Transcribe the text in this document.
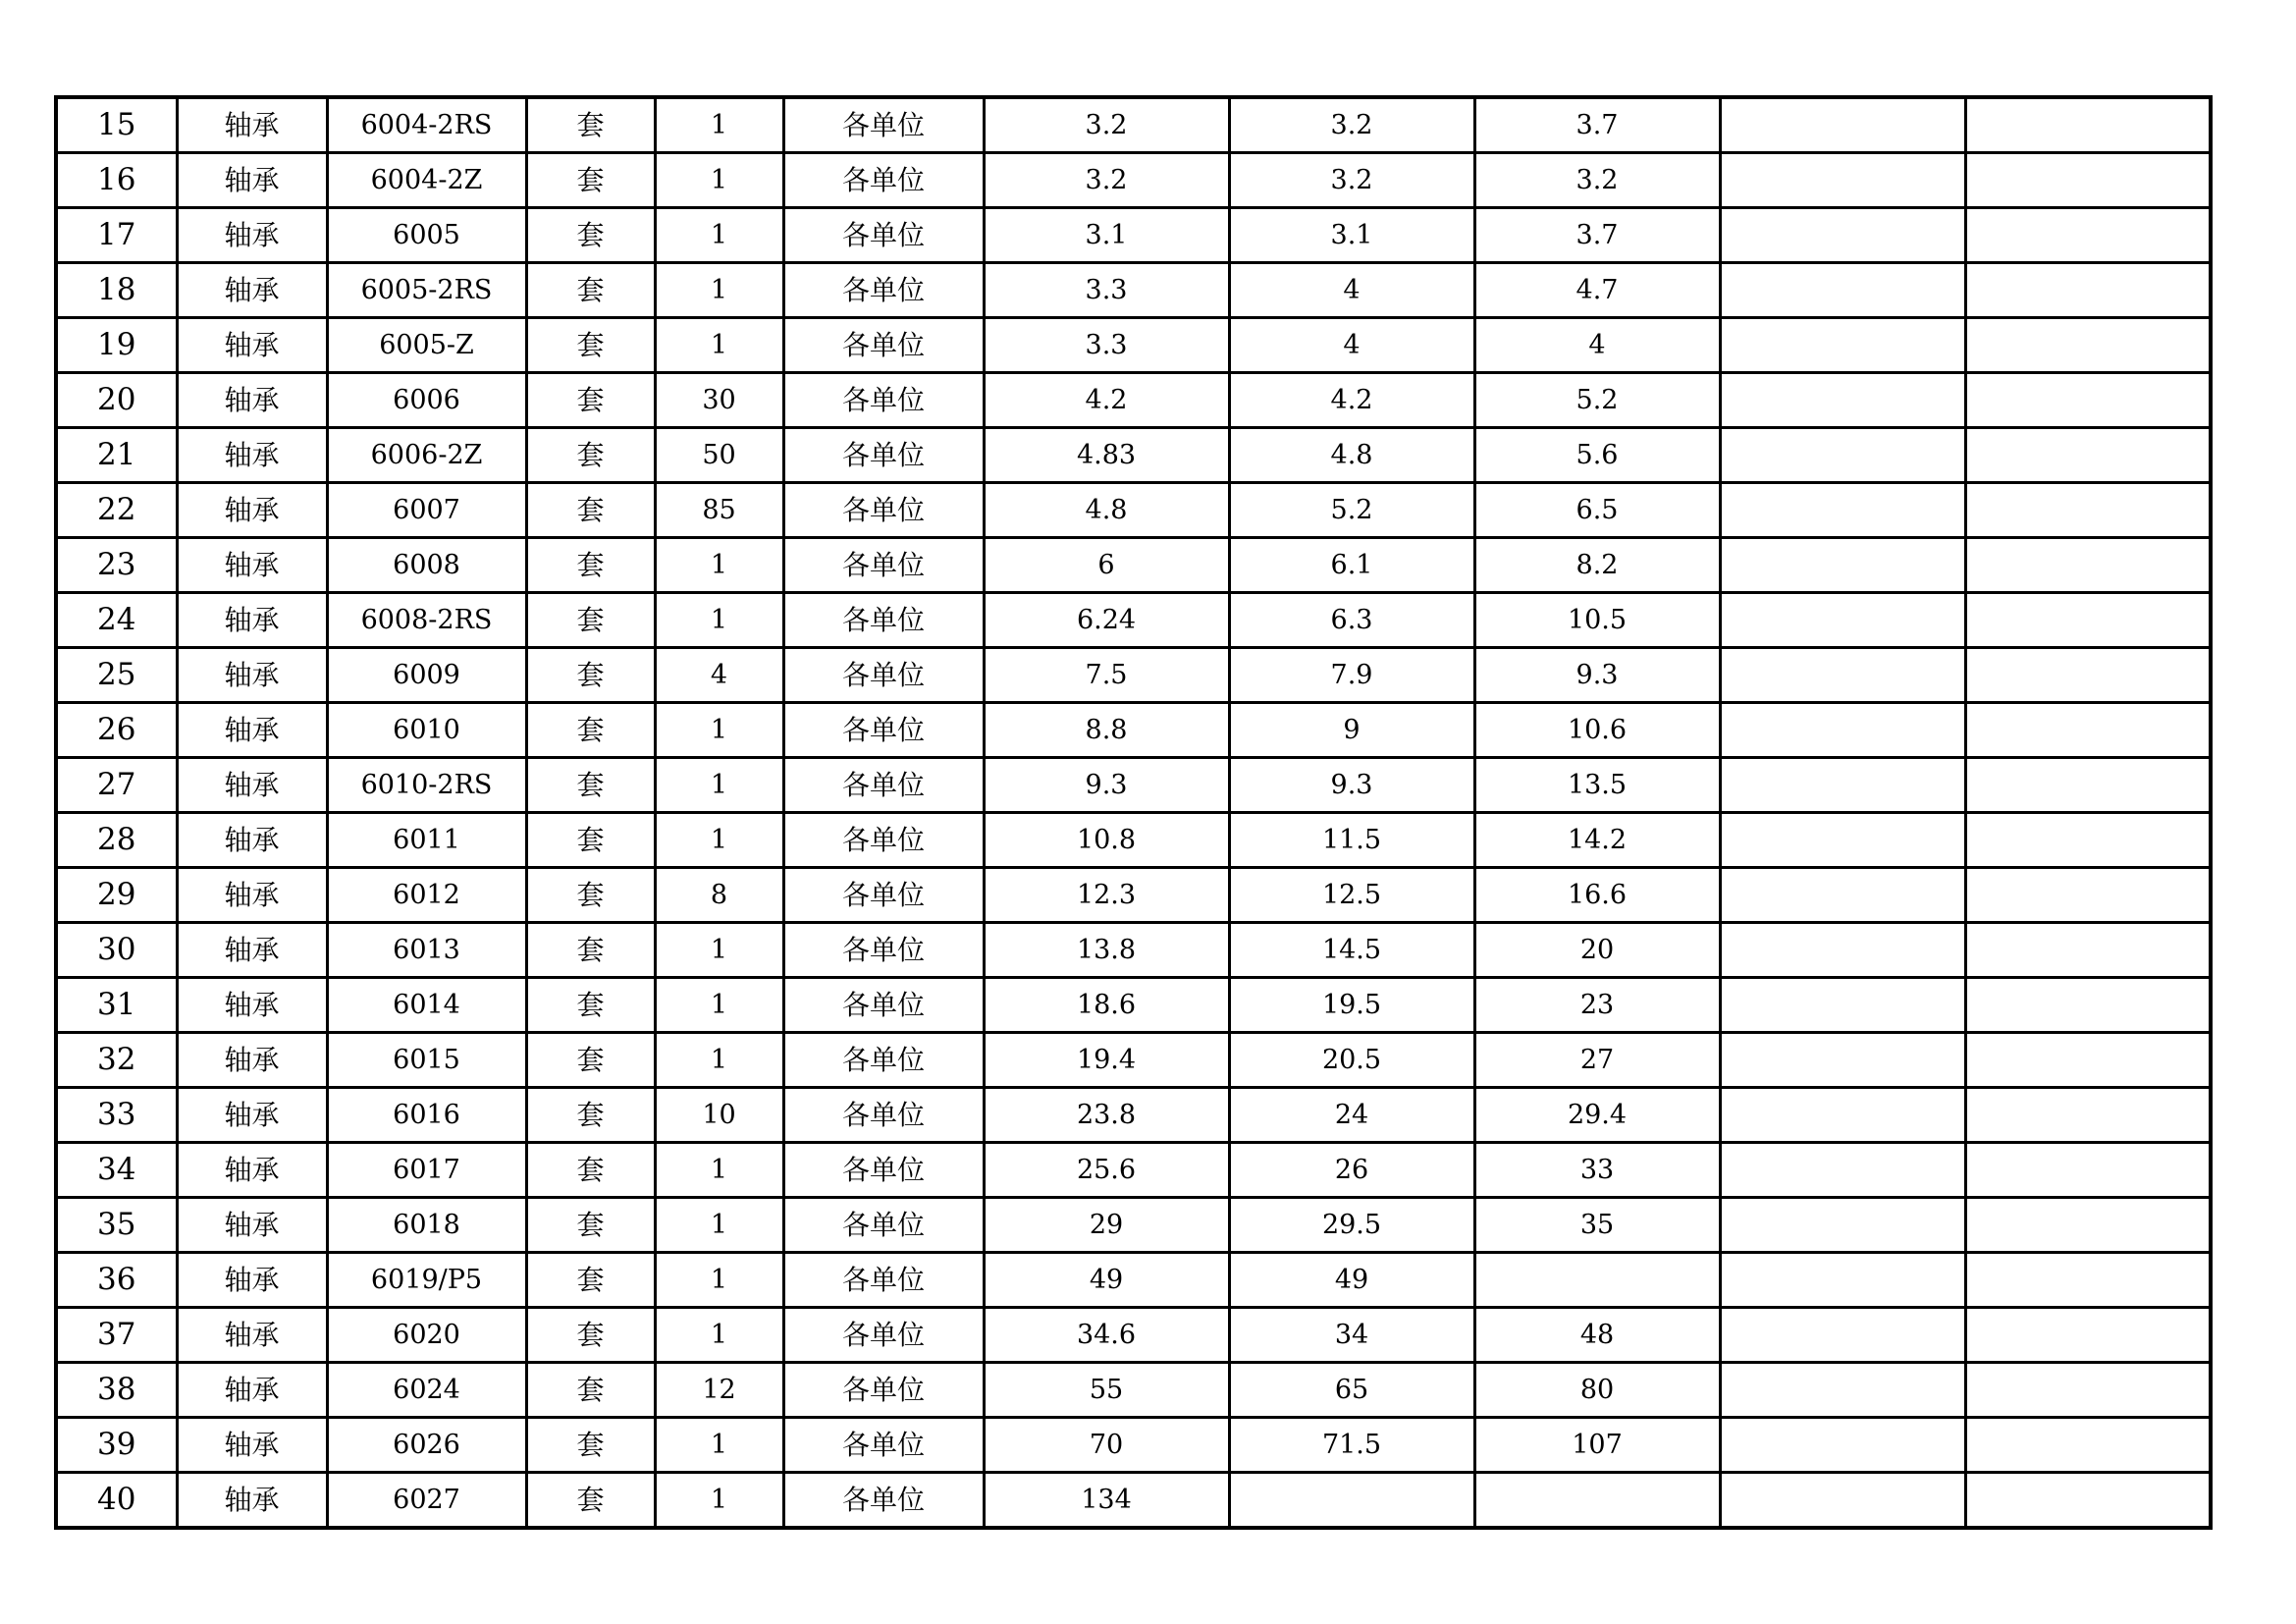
15	轴承	6004-2RS	套	1	各单位	3.2	3.2	3.7		
16	轴承	6004-2Z	套	1	各单位	3.2	3.2	3.2		
17	轴承	6005	套	1	各单位	3.1	3.1	3.7		
18	轴承	6005-2RS	套	1	各单位	3.3	4	4.7		
19	轴承	6005-Z	套	1	各单位	3.3	4	4		
20	轴承	6006	套	30	各单位	4.2	4.2	5.2		
21	轴承	6006-2Z	套	50	各单位	4.83	4.8	5.6		
22	轴承	6007	套	85	各单位	4.8	5.2	6.5		
23	轴承	6008	套	1	各单位	6	6.1	8.2		
24	轴承	6008-2RS	套	1	各单位	6.24	6.3	10.5		
25	轴承	6009	套	4	各单位	7.5	7.9	9.3		
26	轴承	6010	套	1	各单位	8.8	9	10.6		
27	轴承	6010-2RS	套	1	各单位	9.3	9.3	13.5		
28	轴承	6011	套	1	各单位	10.8	11.5	14.2		
29	轴承	6012	套	8	各单位	12.3	12.5	16.6		
30	轴承	6013	套	1	各单位	13.8	14.5	20		
31	轴承	6014	套	1	各单位	18.6	19.5	23		
32	轴承	6015	套	1	各单位	19.4	20.5	27		
33	轴承	6016	套	10	各单位	23.8	24	29.4		
34	轴承	6017	套	1	各单位	25.6	26	33		
35	轴承	6018	套	1	各单位	29	29.5	35		
36	轴承	6019/P5	套	1	各单位	49	49			
37	轴承	6020	套	1	各单位	34.6	34	48		
38	轴承	6024	套	12	各单位	55	65	80		
39	轴承	6026	套	1	各单位	70	71.5	107		
40	轴承	6027	套	1	各单位	134				
